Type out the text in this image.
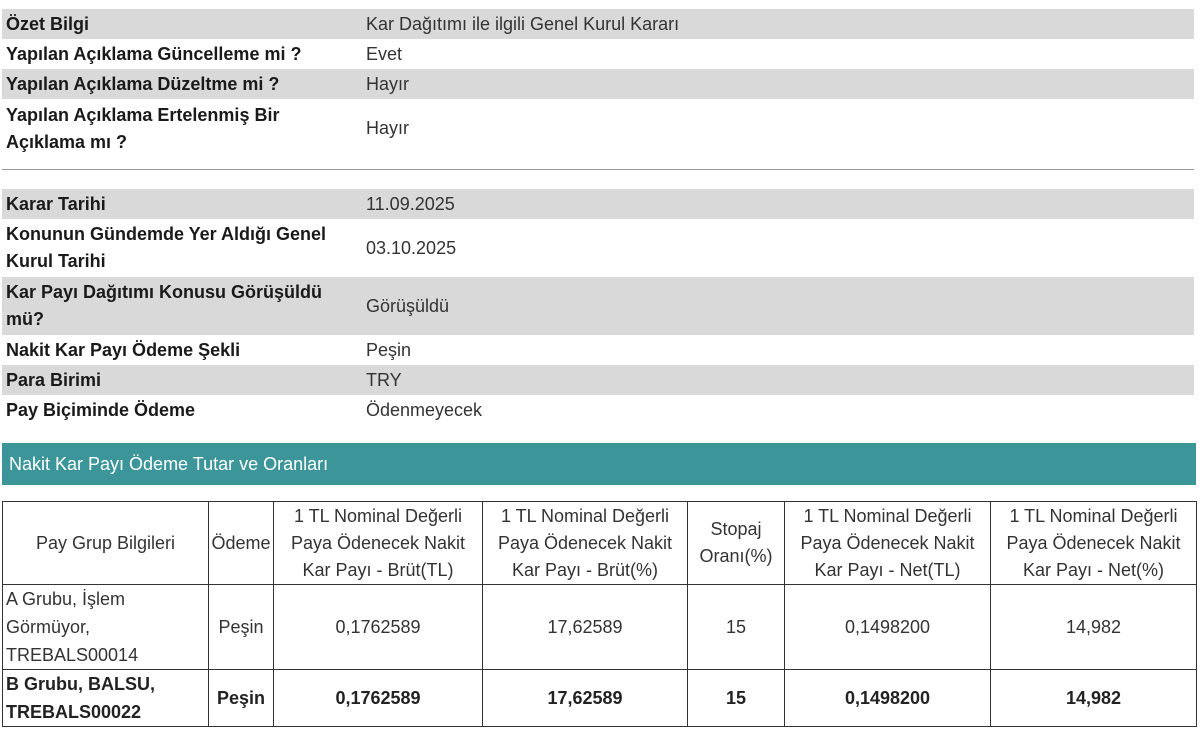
Özet Bilgi	Kar Dağıtımı ile ilgili Genel Kurul Kararı
Yapılan Açıklama Güncelleme mi ?	Evet
Yapılan Açıklama Düzeltme mi ?	Hayır
Yapılan Açıklama Ertelenmiş Bir Açıklama mı ?	Hayır
Karar Tarihi	11.09.2025
Konunun Gündemde Yer Aldığı Genel Kurul Tarihi	03.10.2025
Kar Payı Dağıtımı Konusu Görüşüldü mü?	Görüşüldü
Nakit Kar Payı Ödeme Şekli	Peşin
Para Birimi	TRY
Pay Biçiminde Ödeme	Ödenmeyecek
Nakit Kar Payı Ödeme Tutar ve Oranları
Pay Grup Bilgileri	Ödeme	1 TL Nominal Değerli Paya Ödenecek Nakit Kar Payı - Brüt(TL)	1 TL Nominal Değerli Paya Ödenecek Nakit Kar Payı - Brüt(%)	Stopaj Oranı(%)	1 TL Nominal Değerli Paya Ödenecek Nakit Kar Payı - Net(TL)	1 TL Nominal Değerli Paya Ödenecek Nakit Kar Payı - Net(%)
A Grubu, İşlem Görmüyor, TREBALS00014	Peşin	0,1762589	17,62589	15	0,1498200	14,982
B Grubu, BALSU, TREBALS00022	Peşin	0,1762589	17,62589	15	0,1498200	14,982
